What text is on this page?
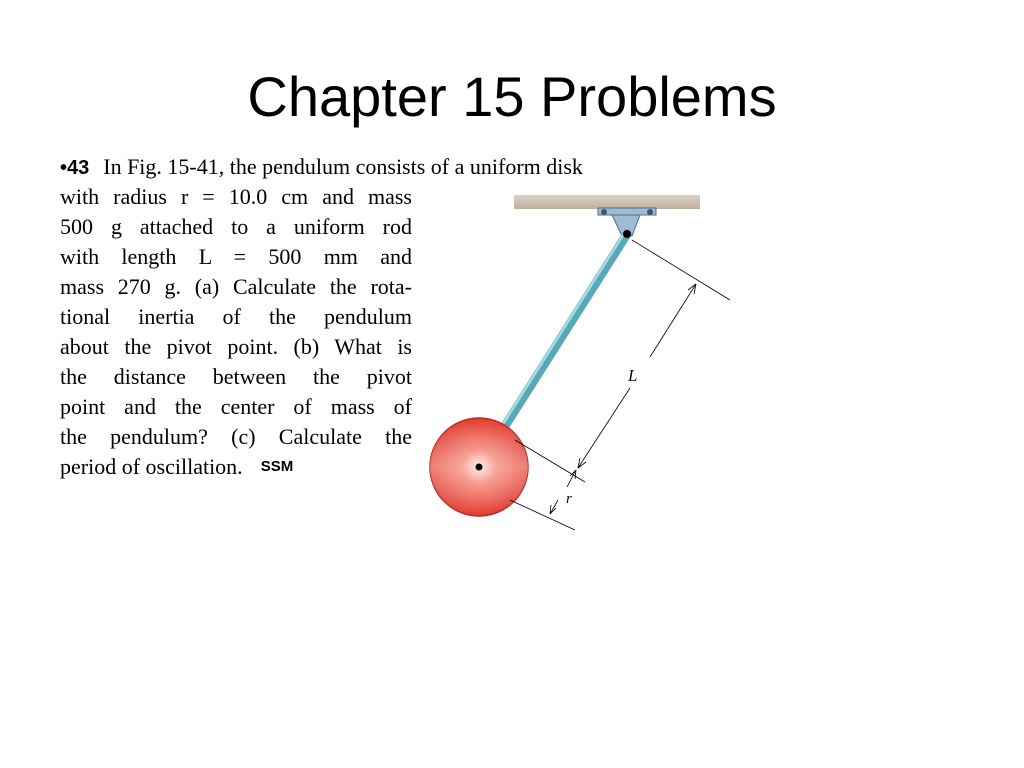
Chapter 15 Problems
•43 In Fig. 15-41, the pendulum consists of a uniform disk
with radius r = 10.0 cm and mass
500 g attached to a uniform rod
with length L = 500 mm and
mass 270 g. (a) Calculate the rota-
tional inertia of the pendulum
about the pivot point. (b) What is
the distance between the pivot
point and the center of mass of
the pendulum? (c) Calculate the
period of oscillation. SSM
L
r
